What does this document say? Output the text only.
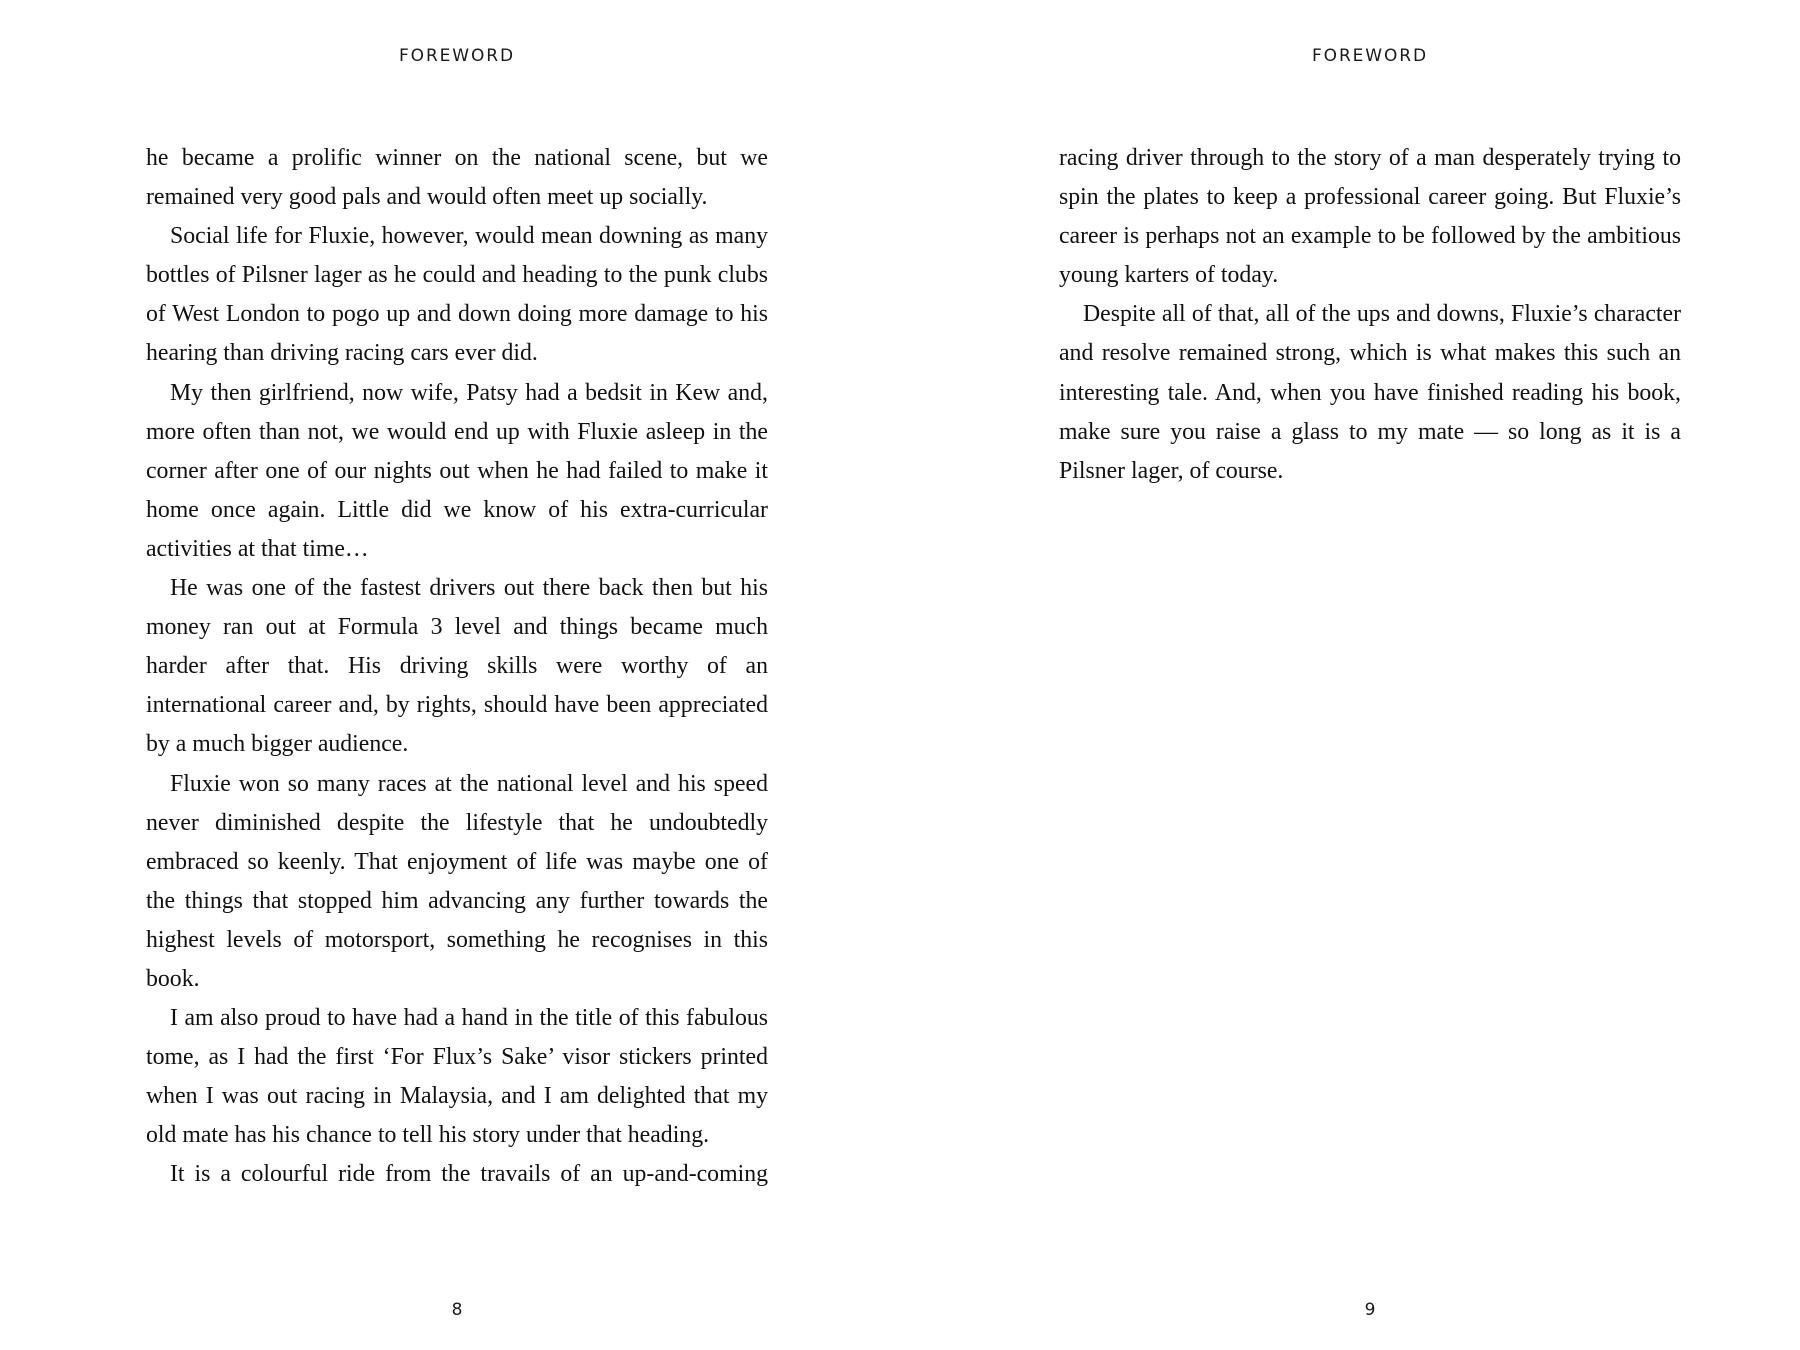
FOREWORD

he became a prolific winner on the national scene, but we remained very good pals and would often meet up socially.

Social life for Fluxie, however, would mean downing as many bottles of Pilsner lager as he could and heading to the punk clubs of West London to pogo up and down doing more damage to his hearing than driving racing cars ever did.

My then girlfriend, now wife, Patsy had a bedsit in Kew and, more often than not, we would end up with Fluxie asleep in the corner after one of our nights out when he had failed to make it home once again. Little did we know of his extra-curricular activities at that time…

He was one of the fastest drivers out there back then but his money ran out at Formula 3 level and things became much harder after that. His driving skills were worthy of an international career and, by rights, should have been appreciated by a much bigger audience.

Fluxie won so many races at the national level and his speed never diminished despite the lifestyle that he undoubtedly embraced so keenly. That enjoyment of life was maybe one of the things that stopped him advancing any further towards the highest levels of motorsport, something he recognises in this book.

I am also proud to have had a hand in the title of this fabulous tome, as I had the first ‘For Flux’s Sake’ visor stickers printed when I was out racing in Malaysia, and I am delighted that my old mate has his chance to tell his story under that heading.

It is a colourful ride from the travails of an up-and-coming

8
FOREWORD

racing driver through to the story of a man desperately trying to spin the plates to keep a professional career going. But Fluxie’s career is perhaps not an example to be followed by the ambitious young karters of today.

Despite all of that, all of the ups and downs, Fluxie’s character and resolve remained strong, which is what makes this such an interesting tale. And, when you have finished reading his book, make sure you raise a glass to my mate — so long as it is a Pilsner lager, of course.

9
